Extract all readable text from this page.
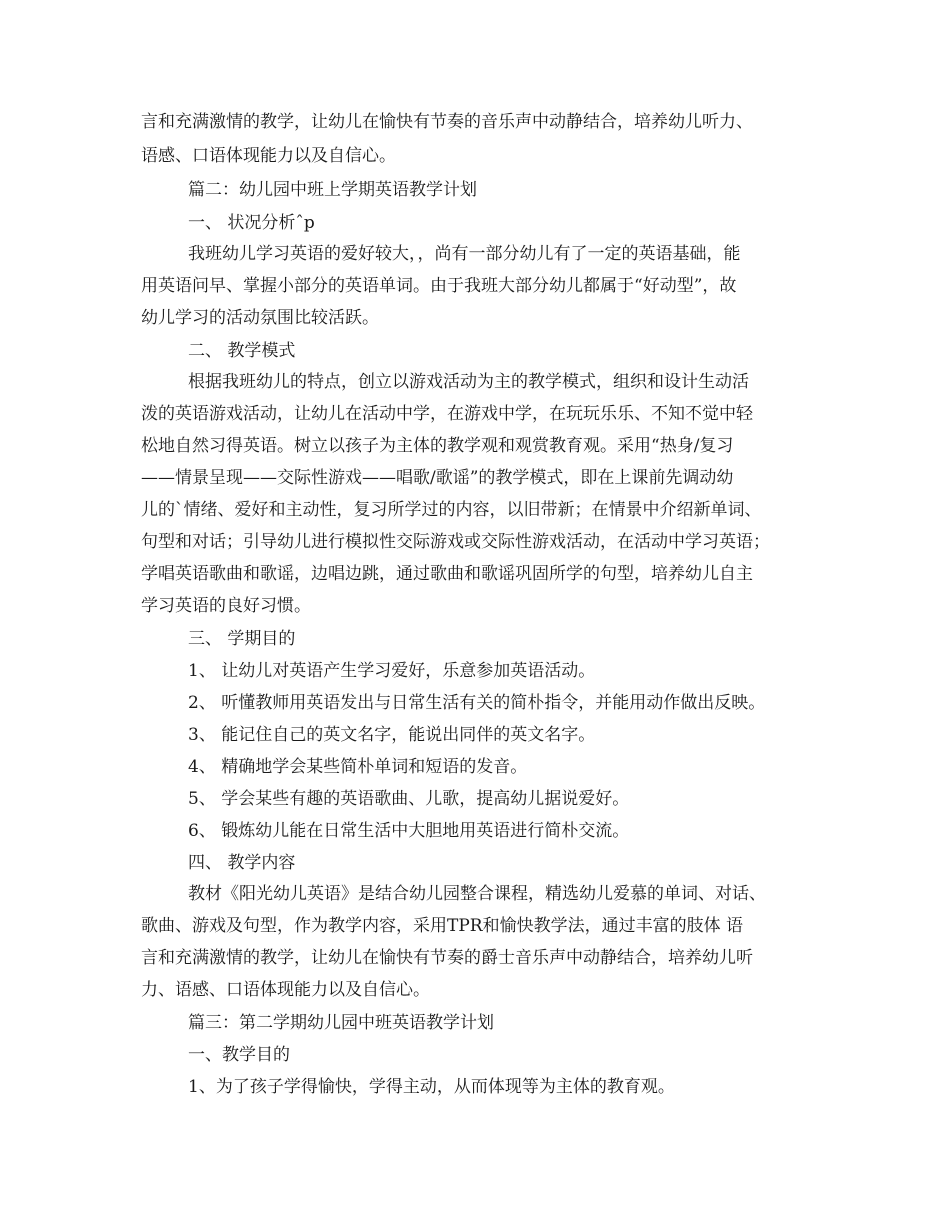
言和充满激情的教学，让幼儿在愉快有节奏的音乐声中动静结合，培养幼儿听力、
语感、口语体现能力以及自信心。
篇二：幼儿园中班上学期英语教学计划
一、 状况分析ˆp
我班幼儿学习英语的爱好较大，，尚有一部分幼儿有了一定的英语基础，能
用英语问早、掌握小部分的英语单词。由于我班大部分幼儿都属于“好动型”，故
幼儿学习的活动氛围比较活跃。
二、 教学模式
根据我班幼儿的特点，创立以游戏活动为主的教学模式，组织和设计生动活
泼的英语游戏活动，让幼儿在活动中学，在游戏中学，在玩玩乐乐、不知不觉中轻
松地自然习得英语。树立以孩子为主体的教学观和观赏教育观。采用“热身/复习
——情景呈现——交际性游戏——唱歌/歌谣”的教学模式，即在上课前先调动幼
儿的`情绪、爱好和主动性，复习所学过的内容，以旧带新；在情景中介绍新单词、
句型和对话；引导幼儿进行模拟性交际游戏或交际性游戏活动，在活动中学习英语；
学唱英语歌曲和歌谣，边唱边跳，通过歌曲和歌谣巩固所学的句型，培养幼儿自主
学习英语的良好习惯。
三、 学期目的
1、 让幼儿对英语产生学习爱好，乐意参加英语活动。
2、 听懂教师用英语发出与日常生活有关的简朴指令，并能用动作做出反映。
3、 能记住自己的英文名字，能说出同伴的英文名字。
4、 精确地学会某些简朴单词和短语的发音。
5、 学会某些有趣的英语歌曲、儿歌，提高幼儿据说爱好。
6、 锻炼幼儿能在日常生活中大胆地用英语进行简朴交流。
四、 教学内容
教材《阳光幼儿英语》是结合幼儿园整合课程，精选幼儿爱慕的单词、对话、
歌曲、游戏及句型，作为教学内容，采用TPR和愉快教学法，通过丰富的肢体 语
言和充满激情的教学，让幼儿在愉快有节奏的爵士音乐声中动静结合，培养幼儿听
力、语感、口语体现能力以及自信心。
篇三：第二学期幼儿园中班英语教学计划
一、教学目的
1、为了孩子学得愉快，学得主动，从而体现等为主体的教育观。
